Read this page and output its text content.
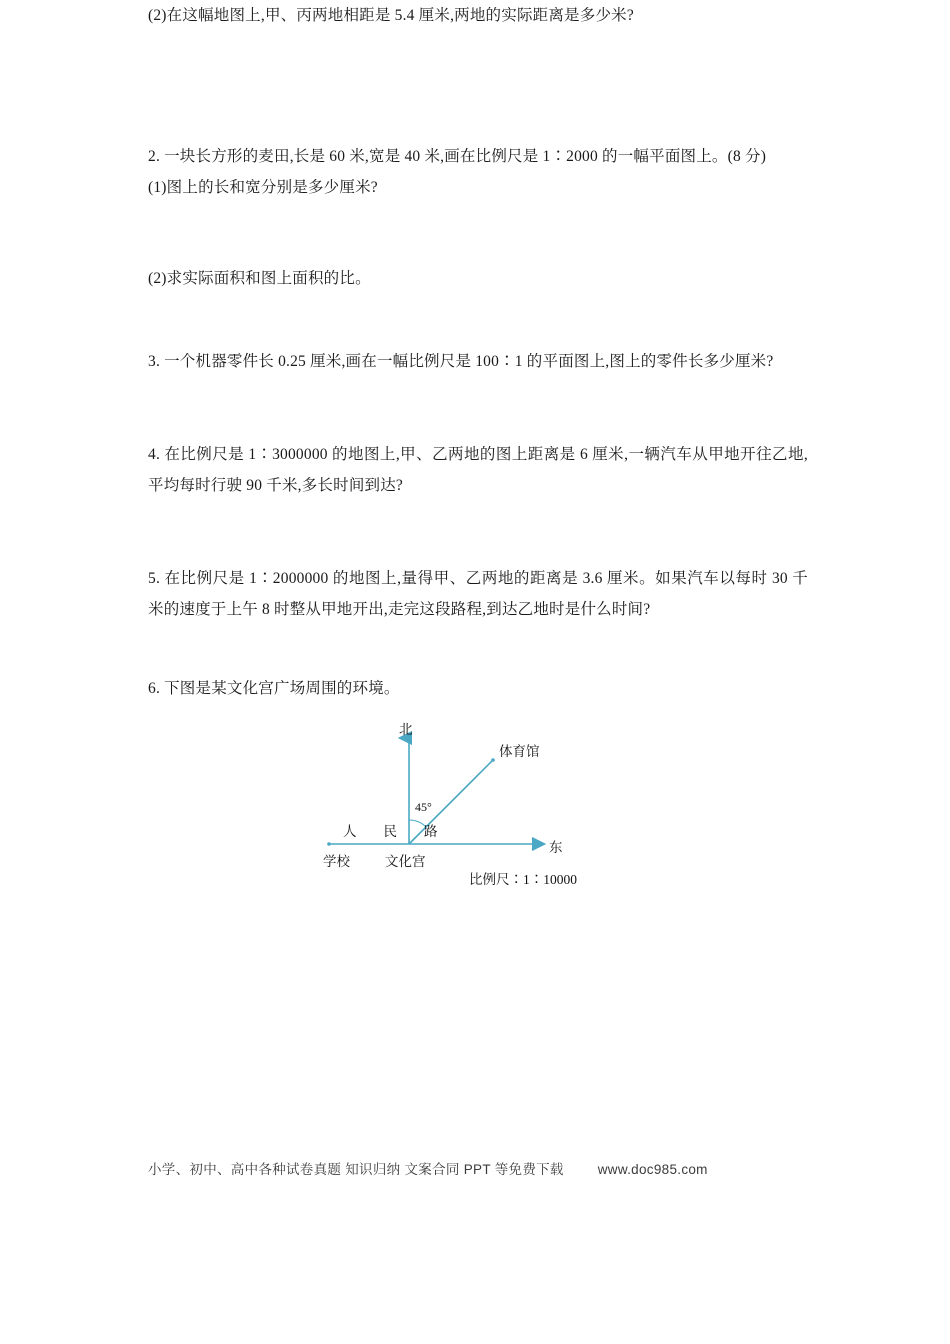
(2)在这幅地图上,甲、丙两地相距是 5.4 厘米,两地的实际距离是多少米?
2. 一块长方形的麦田,长是 60 米,宽是 40 米,画在比例尺是 1∶2000 的一幅平面图上。(8 分)
(1)图上的长和宽分别是多少厘米?
(2)求实际面积和图上面积的比。
3. 一个机器零件长 0.25 厘米,画在一幅比例尺是 100∶1 的平面图上,图上的零件长多少厘米?
4. 在比例尺是 1∶3000000 的地图上,甲、乙两地的图上距离是 6 厘米,一辆汽车从甲地开往乙地, 平均每时行驶 90 千米,多长时间到达?
5. 在比例尺是 1∶2000000 的地图上,量得甲、乙两地的距离是 3.6 厘米。如果汽车以每时 30 千米的速度于上午 8 时整从甲地开出,走完这段路程,到达乙地时是什么时间?
6. 下图是某文化宫广场周围的环境。
北
东
体育馆
45°
人　　民　　路
学校	文化宫
比例尺∶1∶10000
小学、初中、高中各种试卷真题 知识归纳 文案合同 PPT 等免费下载	www.doc985.com
